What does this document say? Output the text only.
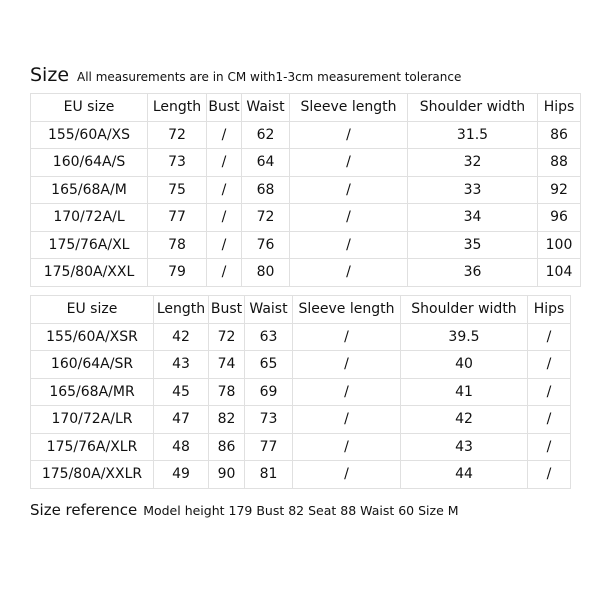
Size All measurements are in CM with1-3cm measurement tolerance
EU size	Length	Bust	Waist	Sleeve length	Shoulder width	Hips
155/60A/XS	72	/	62	/	31.5	86
160/64A/S	73	/	64	/	32	88
165/68A/M	75	/	68	/	33	92
170/72A/L	77	/	72	/	34	96
175/76A/XL	78	/	76	/	35	100
175/80A/XXL	79	/	80	/	36	104
EU size	Length	Bust	Waist	Sleeve length	Shoulder width	Hips
155/60A/XSR	42	72	63	/	39.5	/
160/64A/SR	43	74	65	/	40	/
165/68A/MR	45	78	69	/	41	/
170/72A/LR	47	82	73	/	42	/
175/76A/XLR	48	86	77	/	43	/
175/80A/XXLR	49	90	81	/	44	/
Size reference Model height 179 Bust 82 Seat 88 Waist 60 Size M
